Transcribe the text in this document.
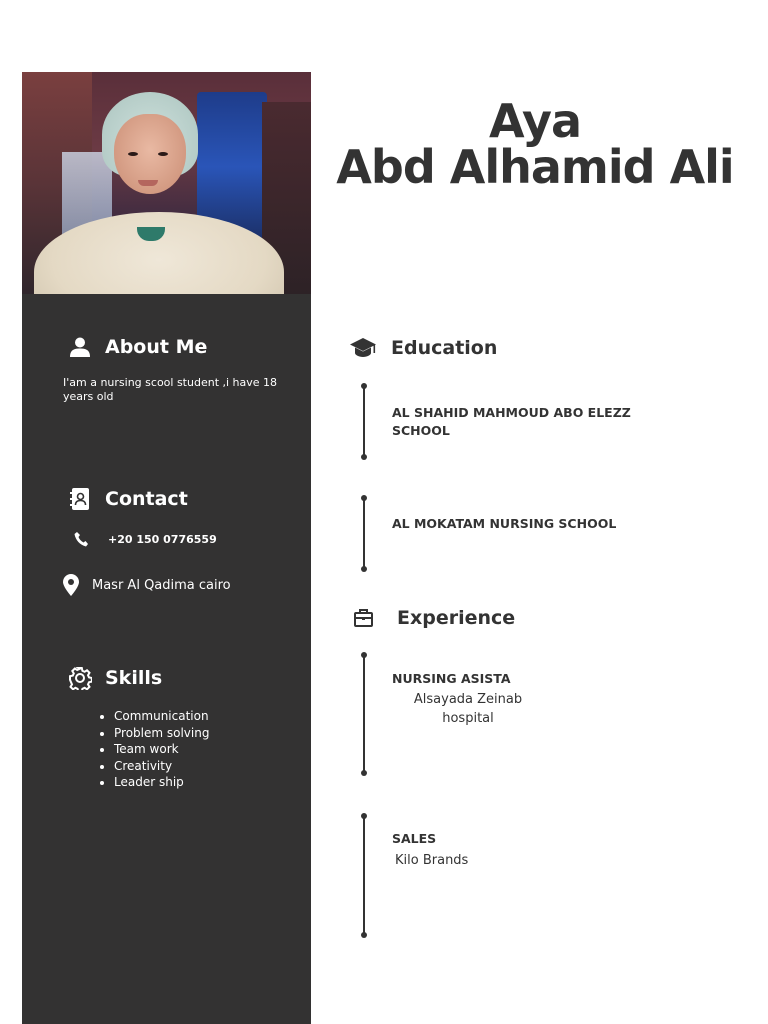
Aya
Abd Alhamid Ali
About Me
I'am a nursing scool student ,i have 18 years old
Contact
+20 150 0776559
Masr Al Qadima cairo
Skills
Communication
Problem solving
Team work
Creativity
Leader ship
Education
AL SHAHID MAHMOUD ABO ELEZZ SCHOOL
AL MOKATAM NURSING SCHOOL
Experience
NURSING ASISTA
Alsayada Zeinab
hospital
SALES
Kilo Brands
